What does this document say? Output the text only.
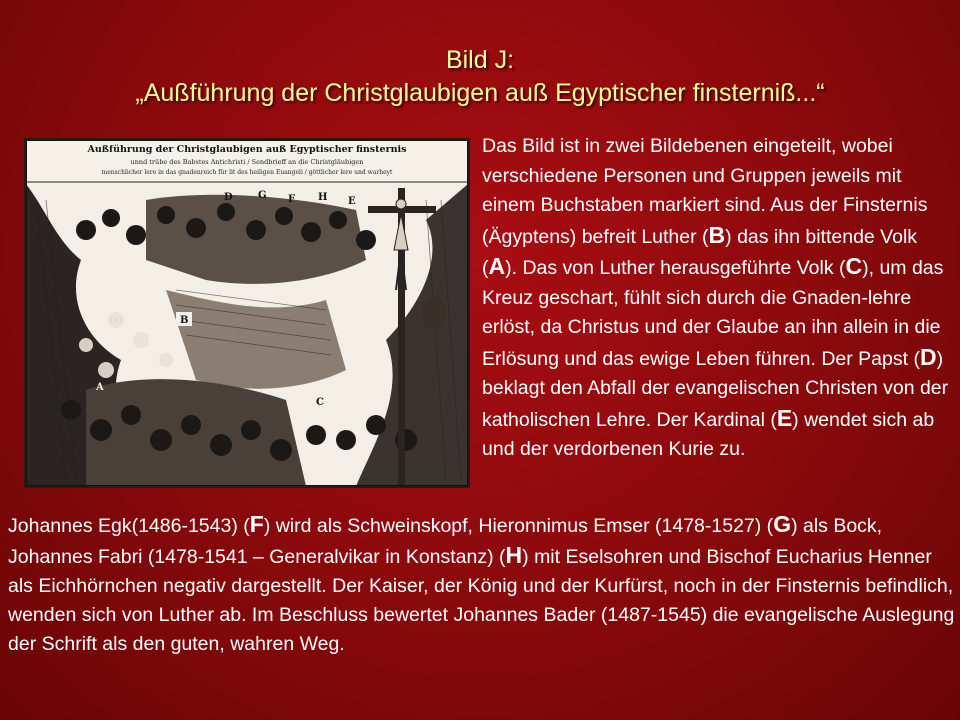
Bild J:
„Außführung der Christglaubigen auß Egyptischer finsterniß...“
Außführung der Christglaubigen auß Egyptischer finsternis
unnd trübe des Babstes Antichristi / Sendbrieff an die Christgläubigen
menschlicher lere in das gnadenreich für lit des heiligen Euangeli / göttlicher lere und warheyt
D	G F H E
B
A
C

Das Bild ist in zwei Bildebenen eingeteilt, wobei verschiedene Personen und Gruppen jeweils mit einem Buchstaben markiert sind. Aus der Finsternis (Ägyptens) befreit Luther (B) das ihn bittende Volk (A). Das von Luther herausgeführte Volk (C), um das Kreuz geschart, fühlt sich durch die Gnaden-lehre erlöst, da Christus und der Glaube an ihn allein in die Erlösung und das ewige Leben führen. Der Papst (D) beklagt den Abfall der evangelischen Christen von der katholischen Lehre. Der Kardinal (E) wendet sich ab und der verdorbenen Kurie zu.

Johannes Egk(1486-1543) (F) wird als Schweinskopf, Hieronnimus Emser (1478-1527) (G) als Bock, Johannes Fabri (1478-1541 – Generalvikar in Konstanz) (H) mit Eselsohren und Bischof Eucharius Henner als Eichhörnchen negativ dargestellt. Der Kaiser, der König und der Kurfürst, noch in der Finsternis befindlich, wenden sich von Luther ab. Im Beschluss bewertet Johannes Bader (1487-1545) die evangelische Auslegung der Schrift als den guten, wahren Weg.
